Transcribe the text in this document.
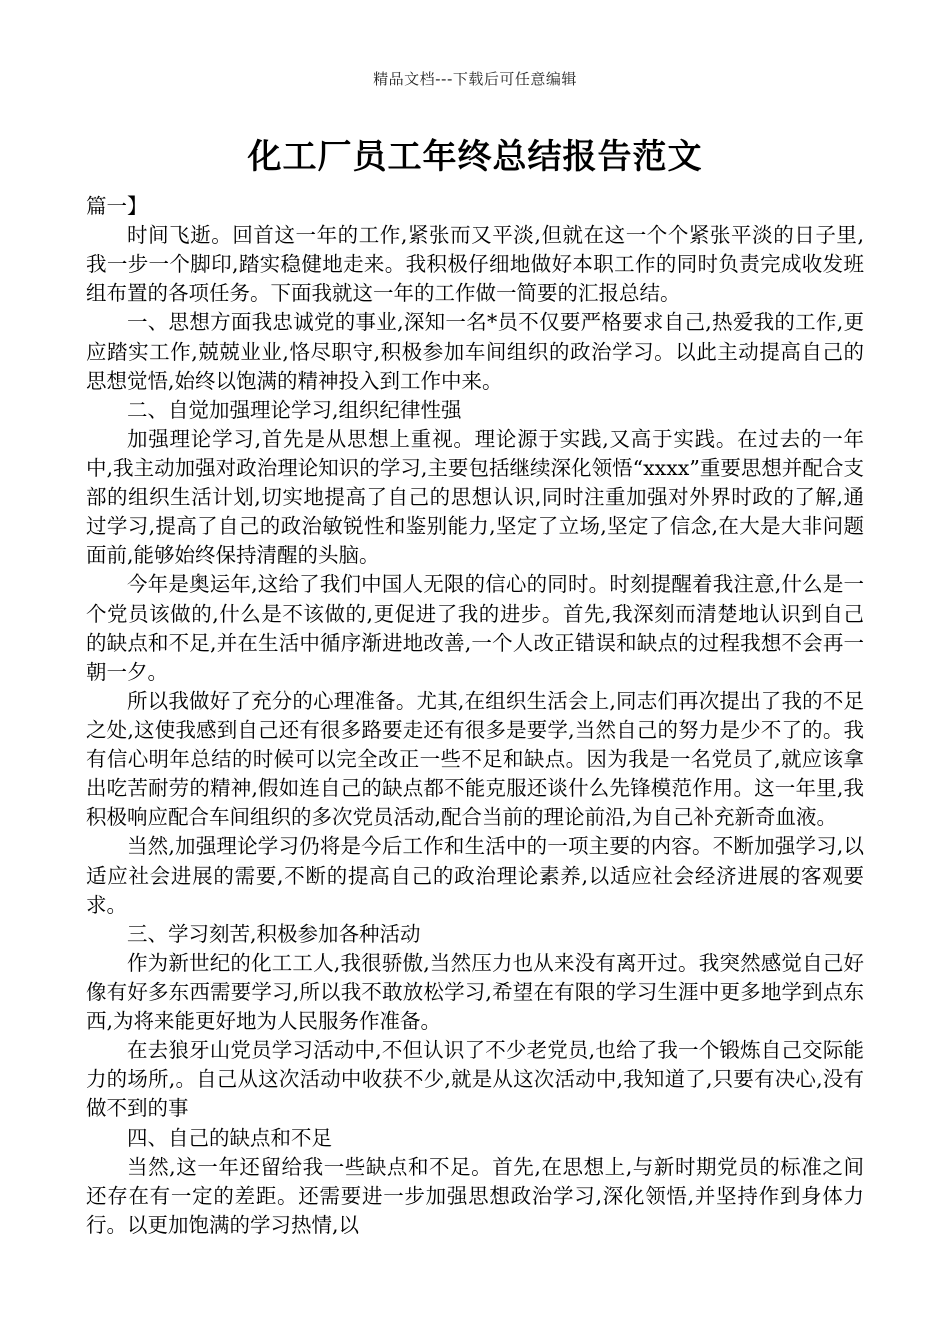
精品文档---下载后可任意编辑
化工厂员工年终总结报告范文
篇一】

时间飞逝。回首这一年的工作,紧张而又平淡,但就在这一个个紧张平淡的日子里,我一步一个脚印,踏实稳健地走来。我积极仔细地做好本职工作的同时负责完成收发班组布置的各项任务。下面我就这一年的工作做一简要的汇报总结。

一、思想方面我忠诚党的事业,深知一名*员不仅要严格要求自己,热爱我的工作,更应踏实工作,兢兢业业,恪尽职守,积极参加车间组织的政治学习。以此主动提高自己的思想觉悟,始终以饱满的精神投入到工作中来。

二、自觉加强理论学习,组织纪律性强

加强理论学习,首先是从思想上重视。理论源于实践,又高于实践。在过去的一年中,我主动加强对政治理论知识的学习,主要包括继续深化领悟“xxxx”重要思想并配合支部的组织生活计划,切实地提高了自己的思想认识,同时注重加强对外界时政的了解,通过学习,提高了自己的政治敏锐性和鉴别能力,坚定了立场,坚定了信念,在大是大非问题面前,能够始终保持清醒的头脑。

今年是奥运年,这给了我们中国人无限的信心的同时。时刻提醒着我注意,什么是一个党员该做的,什么是不该做的,更促进了我的进步。首先,我深刻而清楚地认识到自己的缺点和不足,并在生活中循序渐进地改善,一个人改正错误和缺点的过程我想不会再一朝一夕。

所以我做好了充分的心理准备。尤其,在组织生活会上,同志们再次提出了我的不足之处,这使我感到自己还有很多路要走还有很多是要学,当然自己的努力是少不了的。我有信心明年总结的时候可以完全改正一些不足和缺点。因为我是一名党员了,就应该拿出吃苦耐劳的精神,假如连自己的缺点都不能克服还谈什么先锋模范作用。这一年里,我积极响应配合车间组织的多次党员活动,配合当前的理论前沿,为自己补充新奇血液。

当然,加强理论学习仍将是今后工作和生活中的一项主要的内容。不断加强学习,以适应社会进展的需要,不断的提高自己的政治理论素养,以适应社会经济进展的客观要求。

三、学习刻苦,积极参加各种活动

作为新世纪的化工工人,我很骄傲,当然压力也从来没有离开过。我突然感觉自己好像有好多东西需要学习,所以我不敢放松学习,希望在有限的学习生涯中更多地学到点东西,为将来能更好地为人民服务作准备。

在去狼牙山党员学习活动中,不但认识了不少老党员,也给了我一个锻炼自己交际能力的场所,。自己从这次活动中收获不少,就是从这次活动中,我知道了,只要有决心,没有做不到的事

四、自己的缺点和不足

当然,这一年还留给我一些缺点和不足。首先,在思想上,与新时期党员的标准之间还存在有一定的差距。还需要进一步加强思想政治学习,深化领悟,并坚持作到身体力行。以更加饱满的学习热情,以
